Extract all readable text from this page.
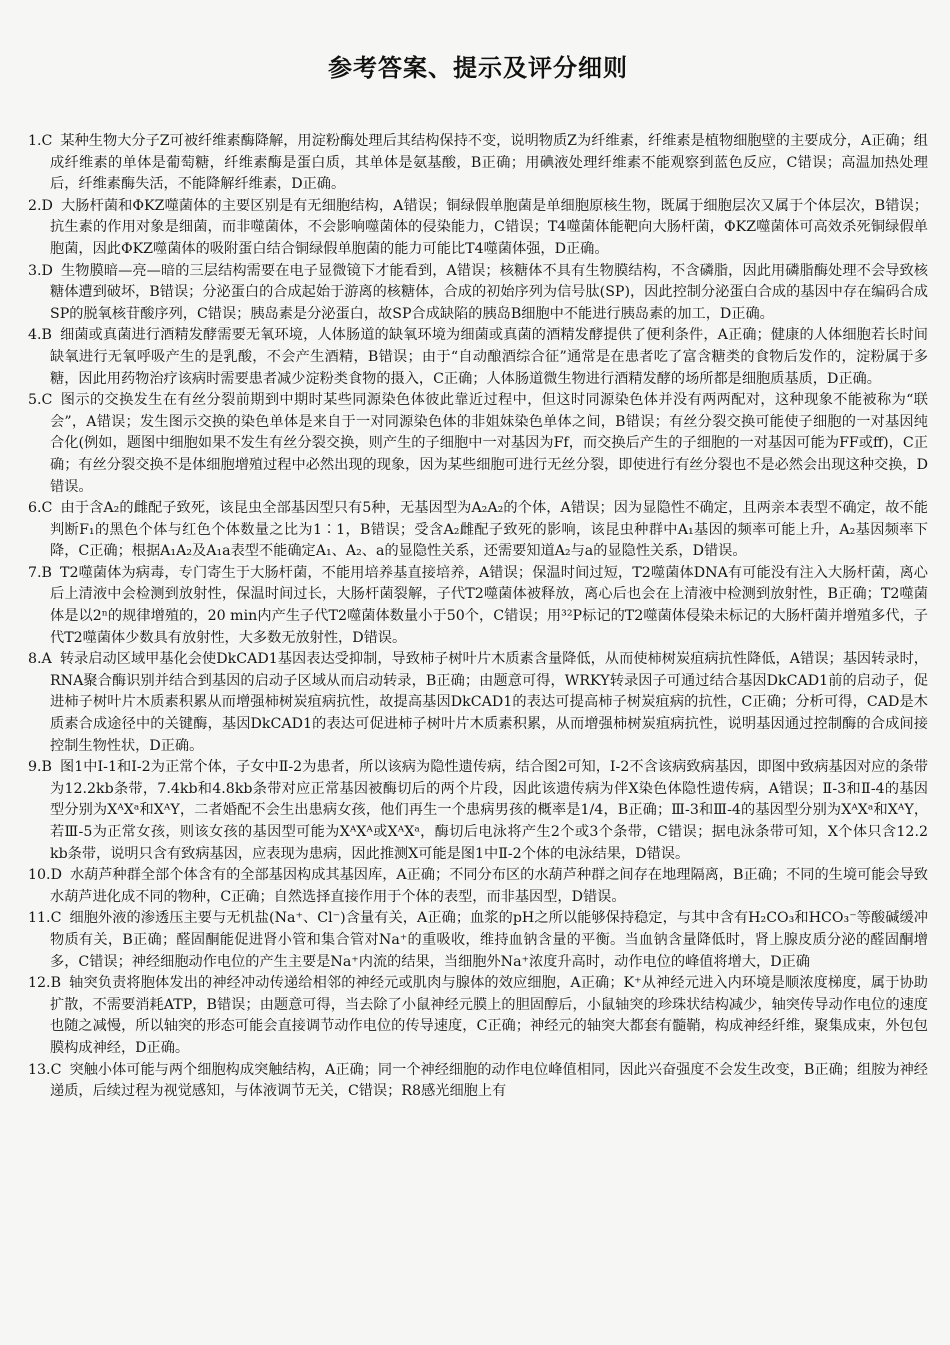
参考答案、提示及评分细则

1.C 某种生物大分子Z可被纤维素酶降解，用淀粉酶处理后其结构保持不变，说明物质Z为纤维素，纤维素是植物细胞壁的主要成分，A正确；组成纤维素的单体是葡萄糖，纤维素酶是蛋白质，其单体是氨基酸，B正确；用碘液处理纤维素不能观察到蓝色反应，C错误；高温加热处理后，纤维素酶失活，不能降解纤维素，D正确。

2.D 大肠杆菌和ΦKZ噬菌体的主要区别是有无细胞结构，A错误；铜绿假单胞菌是单细胞原核生物，既属于细胞层次又属于个体层次，B错误；抗生素的作用对象是细菌，而非噬菌体，不会影响噬菌体的侵染能力，C错误；T4噬菌体能靶向大肠杆菌，ΦKZ噬菌体可高效杀死铜绿假单胞菌，因此ΦKZ噬菌体的吸附蛋白结合铜绿假单胞菌的能力可能比T4噬菌体强，D正确。

3.D 生物膜暗—亮—暗的三层结构需要在电子显微镜下才能看到，A错误；核糖体不具有生物膜结构，不含磷脂，因此用磷脂酶处理不会导致核糖体遭到破坏，B错误；分泌蛋白的合成起始于游离的核糖体，合成的初始序列为信号肽(SP)，因此控制分泌蛋白合成的基因中存在编码合成SP的脱氧核苷酸序列，C错误；胰岛素是分泌蛋白，故SP合成缺陷的胰岛B细胞中不能进行胰岛素的加工，D正确。

4.B 细菌或真菌进行酒精发酵需要无氧环境，人体肠道的缺氧环境为细菌或真菌的酒精发酵提供了便利条件，A正确；健康的人体细胞若长时间缺氧进行无氧呼吸产生的是乳酸，不会产生酒精，B错误；由于“自动酿酒综合征”通常是在患者吃了富含糖类的食物后发作的，淀粉属于多糖，因此用药物治疗该病时需要患者减少淀粉类食物的摄入，C正确；人体肠道微生物进行酒精发酵的场所都是细胞质基质，D正确。

5.C 图示的交换发生在有丝分裂前期到中期时某些同源染色体彼此靠近过程中，但这时同源染色体并没有两两配对，这种现象不能被称为“联会”，A错误；发生图示交换的染色单体是来自于一对同源染色体的非姐妹染色单体之间，B错误；有丝分裂交换可能使子细胞的一对基因纯合化(例如，题图中细胞如果不发生有丝分裂交换，则产生的子细胞中一对基因为Ff，而交换后产生的子细胞的一对基因可能为FF或ff)，C正确；有丝分裂交换不是体细胞增殖过程中必然出现的现象，因为某些细胞可进行无丝分裂，即使进行有丝分裂也不是必然会出现这种交换，D错误。

6.C 由于含A₂的雌配子致死，该昆虫全部基因型只有5种，无基因型为A₂A₂的个体，A错误；因为显隐性不确定，且两亲本表型不确定，故不能判断F₁的黑色个体与红色个体数量之比为1∶1，B错误；受含A₂雌配子致死的影响，该昆虫种群中A₁基因的频率可能上升，A₂基因频率下降，C正确；根据A₁A₂及A₁a表型不能确定A₁、A₂、a的显隐性关系，还需要知道A₂与a的显隐性关系，D错误。

7.B T2噬菌体为病毒，专门寄生于大肠杆菌，不能用培养基直接培养，A错误；保温时间过短，T2噬菌体DNA有可能没有注入大肠杆菌，离心后上清液中会检测到放射性，保温时间过长，大肠杆菌裂解，子代T2噬菌体被释放，离心后也会在上清液中检测到放射性，B正确；T2噬菌体是以2ⁿ的规律增殖的，20 min内产生子代T2噬菌体数量小于50个，C错误；用³²P标记的T2噬菌体侵染未标记的大肠杆菌并增殖多代，子代T2噬菌体少数具有放射性，大多数无放射性，D错误。

8.A 转录启动区域甲基化会使DkCAD1基因表达受抑制，导致柿子树叶片木质素含量降低，从而使柿树炭疽病抗性降低，A错误；基因转录时，RNA聚合酶识别并结合到基因的启动子区域从而启动转录，B正确；由题意可得，WRKY转录因子可通过结合基因DkCAD1前的启动子，促进柿子树叶片木质素积累从而增强柿树炭疽病抗性，故提高基因DkCAD1的表达可提高柿子树炭疽病的抗性，C正确；分析可得，CAD是木质素合成途径中的关键酶，基因DkCAD1的表达可促进柿子树叶片木质素积累，从而增强柿树炭疽病抗性，说明基因通过控制酶的合成间接控制生物性状，D正确。

9.B 图1中Ⅰ-1和Ⅰ-2为正常个体，子女中Ⅱ-2为患者，所以该病为隐性遗传病，结合图2可知，Ⅰ-2不含该病致病基因，即图中致病基因对应的条带为12.2kb条带，7.4kb和4.8kb条带对应正常基因被酶切后的两个片段，因此该遗传病为伴X染色体隐性遗传病，A错误；Ⅱ-3和Ⅱ-4的基因型分别为XᴬXᵃ和XᴬY，二者婚配不会生出患病女孩，他们再生一个患病男孩的概率是1/4，B正确；Ⅲ-3和Ⅲ-4的基因型分别为XᴬXᵃ和XᴬY，若Ⅲ-5为正常女孩，则该女孩的基因型可能为XᴬXᴬ或XᴬXᵃ，酶切后电泳将产生2个或3个条带，C错误；据电泳条带可知，X个体只含12.2 kb条带，说明只含有致病基因，应表现为患病，因此推测X可能是图1中Ⅱ-2个体的电泳结果，D错误。

10.D 水葫芦种群全部个体含有的全部基因构成其基因库，A正确；不同分布区的水葫芦种群之间存在地理隔离，B正确；不同的生境可能会导致水葫芦进化成不同的物种，C正确；自然选择直接作用于个体的表型，而非基因型，D错误。

11.C 细胞外液的渗透压主要与无机盐(Na⁺、Cl⁻)含量有关，A正确；血浆的pH之所以能够保持稳定，与其中含有H₂CO₃和HCO₃⁻等酸碱缓冲物质有关，B正确；醛固酮能促进肾小管和集合管对Na⁺的重吸收，维持血钠含量的平衡。当血钠含量降低时，肾上腺皮质分泌的醛固酮增多，C错误；神经细胞动作电位的产生主要是Na⁺内流的结果，当细胞外Na⁺浓度升高时，动作电位的峰值将增大，D正确

12.B 轴突负责将胞体发出的神经冲动传递给相邻的神经元或肌肉与腺体的效应细胞，A正确；K⁺从神经元进入内环境是顺浓度梯度，属于协助扩散，不需要消耗ATP，B错误；由题意可得，当去除了小鼠神经元膜上的胆固醇后，小鼠轴突的珍珠状结构减少，轴突传导动作电位的速度也随之减慢，所以轴突的形态可能会直接调节动作电位的传导速度，C正确；神经元的轴突大都套有髓鞘，构成神经纤维，聚集成束，外包包膜构成神经，D正确。

13.C 突触小体可能与两个细胞构成突触结构，A正确；同一个神经细胞的动作电位峰值相同，因此兴奋强度不会发生改变，B正确；组胺为神经递质，后续过程为视觉感知，与体液调节无关，C错误；R8感光细胞上有
